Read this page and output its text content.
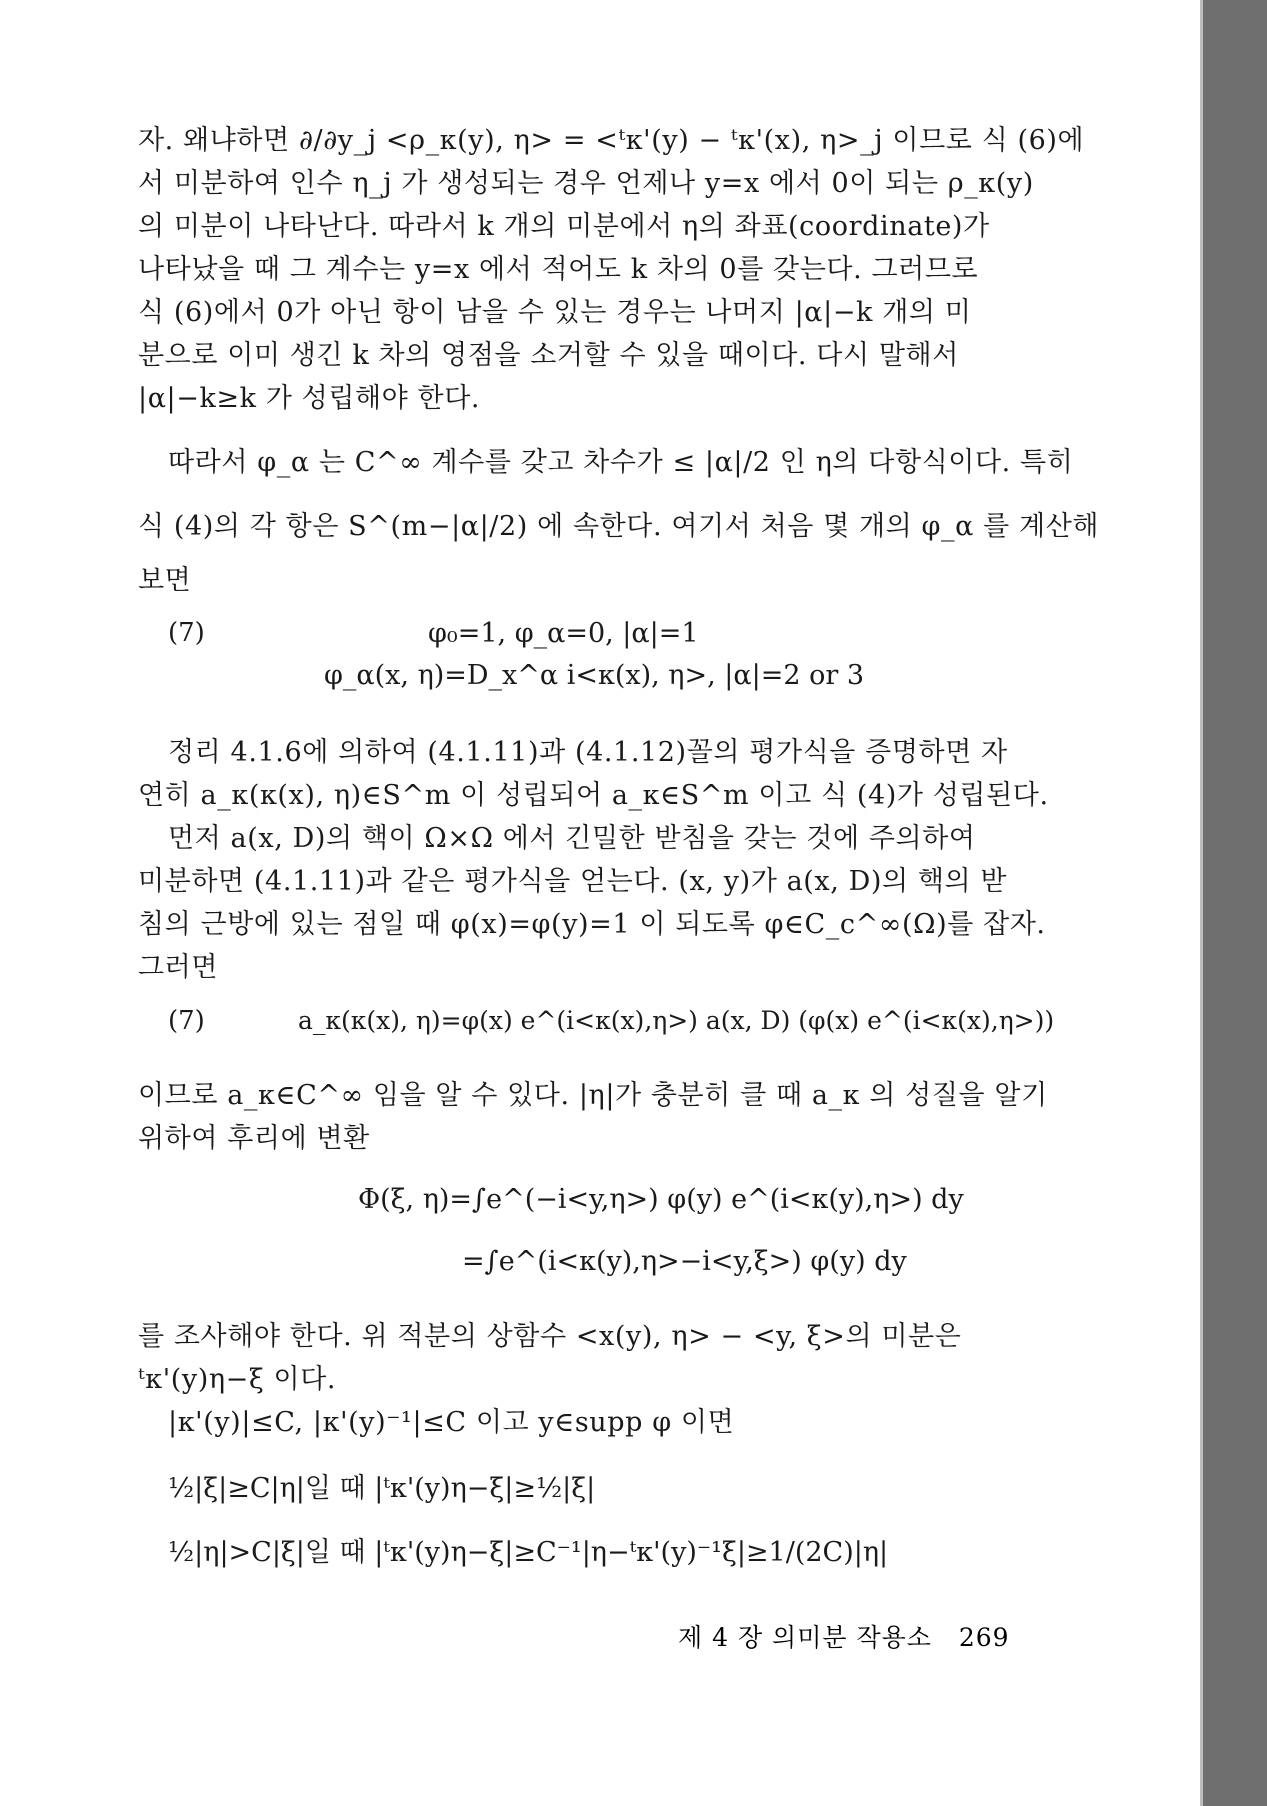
자. 왜냐하면 ∂/∂y_j <ρ_κ(y), η> = <ᵗκ'(y) − ᵗκ'(x), η>_j 이므로 식 (6)에
서 미분하여 인수 η_j 가 생성되는 경우 언제나 y=x 에서 0이 되는 ρ_κ(y)
의 미분이 나타난다. 따라서 k 개의 미분에서 η의 좌표(coordinate)가
나타났을 때 그 계수는 y=x 에서 적어도 k 차의 0를 갖는다. 그러므로
식 (6)에서 0가 아닌 항이 남을 수 있는 경우는 나머지 |α|−k 개의 미
분으로 이미 생긴 k 차의 영점을 소거할 수 있을 때이다. 다시 말해서
|α|−k≥k 가 성립해야 한다.
따라서 φ_α 는 C^∞ 계수를 갖고 차수가 ≤ |α|/2 인 η의 다항식이다. 특히
식 (4)의 각 항은 S^(m−|α|/2) 에 속한다. 여기서 처음 몇 개의 φ_α 를 계산해
보면
(7)	φ₀=1, φ_α=0, |α|=1
φ_α(x, η)=D_x^α i<κ(x), η>, |α|=2 or 3
정리 4.1.6에 의하여 (4.1.11)과 (4.1.12)꼴의 평가식을 증명하면 자
연히 a_κ(κ(x), η)∈S^m 이 성립되어 a_κ∈S^m 이고 식 (4)가 성립된다.
먼저 a(x, D)의 핵이 Ω×Ω 에서 긴밀한 받침을 갖는 것에 주의하여
미분하면 (4.1.11)과 같은 평가식을 얻는다. (x, y)가 a(x, D)의 핵의 받
침의 근방에 있는 점일 때 φ(x)=φ(y)=1 이 되도록 φ∈C_c^∞(Ω)를 잡자.
그러면
(7)	a_κ(κ(x), η)=φ(x) e^(i<κ(x),η>) a(x, D) (φ(x) e^(i<κ(x),η>))
이므로 a_κ∈C^∞ 임을 알 수 있다. |η|가 충분히 클 때 a_κ 의 성질을 알기
위하여 후리에 변환
Φ(ξ, η)=∫e^(−i<y,η>) φ(y) e^(i<κ(y),η>) dy
=∫e^(i<κ(y),η>−i<y,ξ>) φ(y) dy
를 조사해야 한다. 위 적분의 상함수 <x(y), η> − <y, ξ>의 미분은
ᵗκ'(y)η−ξ 이다.
|κ'(y)|≤C, |κ'(y)⁻¹|≤C 이고 y∈supp φ 이면
½|ξ|≥C|η|일 때 |ᵗκ'(y)η−ξ|≥½|ξ|
½|η|>C|ξ|일 때 |ᵗκ'(y)η−ξ|≥C⁻¹|η−ᵗκ'(y)⁻¹ξ|≥1/(2C)|η|
제 4 장 의미분 작용소 269
